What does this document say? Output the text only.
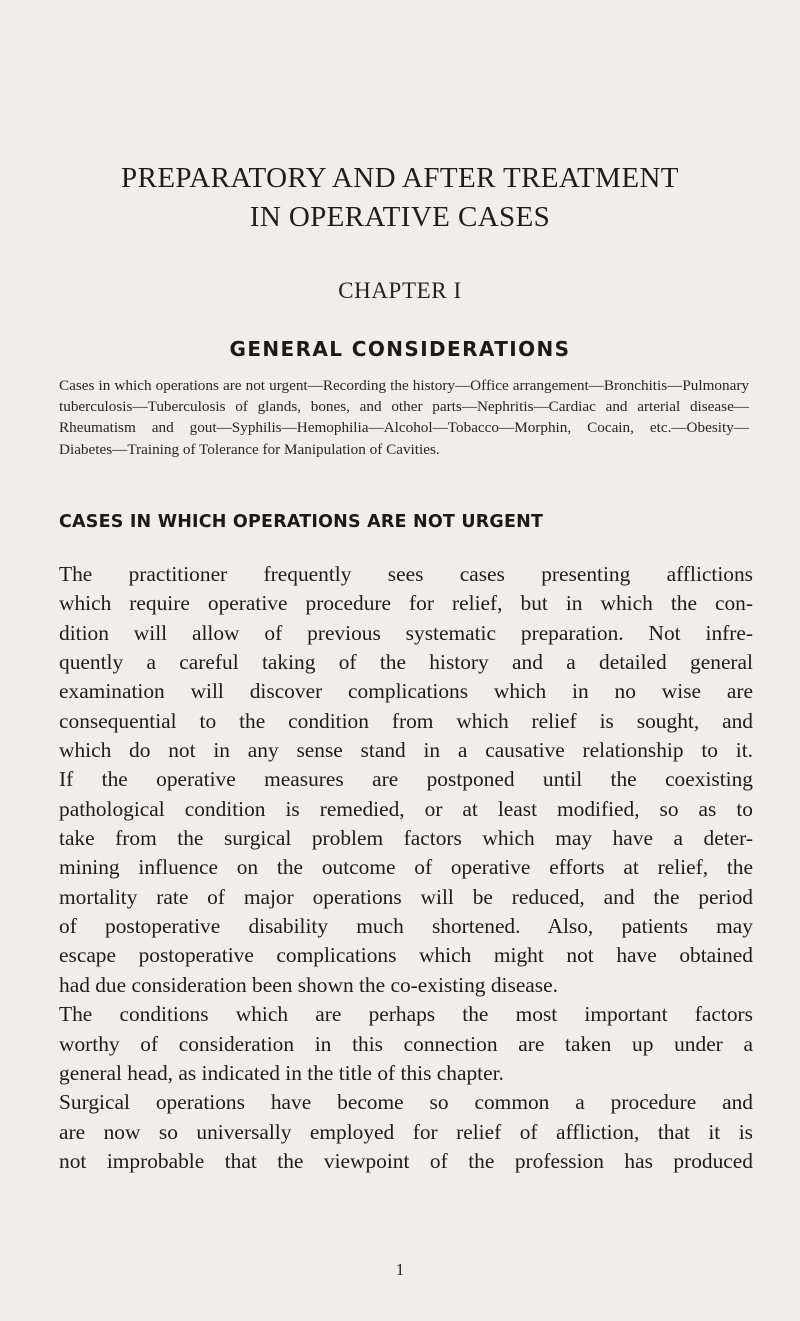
PREPARATORY AND AFTER TREATMENT
IN OPERATIVE CASES
CHAPTER I
GENERAL CONSIDERATIONS
Cases in which operations are not urgent—Recording the history—Office arrangement—Bronchitis—Pulmonary tuberculosis—Tuberculosis of glands, bones, and other parts—Nephritis—Cardiac and arterial disease—Rheumatism and gout—Syphilis—Hemophilia—Alcohol—Tobacco—Morphin, Cocain, etc.—Obesity—Diabetes—Training of Tolerance for Manipulation of Cavities.
CASES IN WHICH OPERATIONS ARE NOT URGENT
The practitioner frequently sees cases presenting afflictions
which require operative procedure for relief, but in which the con-
dition will allow of previous systematic preparation. Not infre-
quently a careful taking of the history and a detailed general
examination will discover complications which in no wise are
consequential to the condition from which relief is sought, and
which do not in any sense stand in a causative relationship to it.
If the operative measures are postponed until the coexisting
pathological condition is remedied, or at least modified, so as to
take from the surgical problem factors which may have a deter-
mining influence on the outcome of operative efforts at relief, the
mortality rate of major operations will be reduced, and the period
of postoperative disability much shortened. Also, patients may
escape postoperative complications which might not have obtained
had due consideration been shown the co-existing disease.
The conditions which are perhaps the most important factors
worthy of consideration in this connection are taken up under a
general head, as indicated in the title of this chapter.
Surgical operations have become so common a procedure and
are now so universally employed for relief of affliction, that it is
not improbable that the viewpoint of the profession has produced
1
